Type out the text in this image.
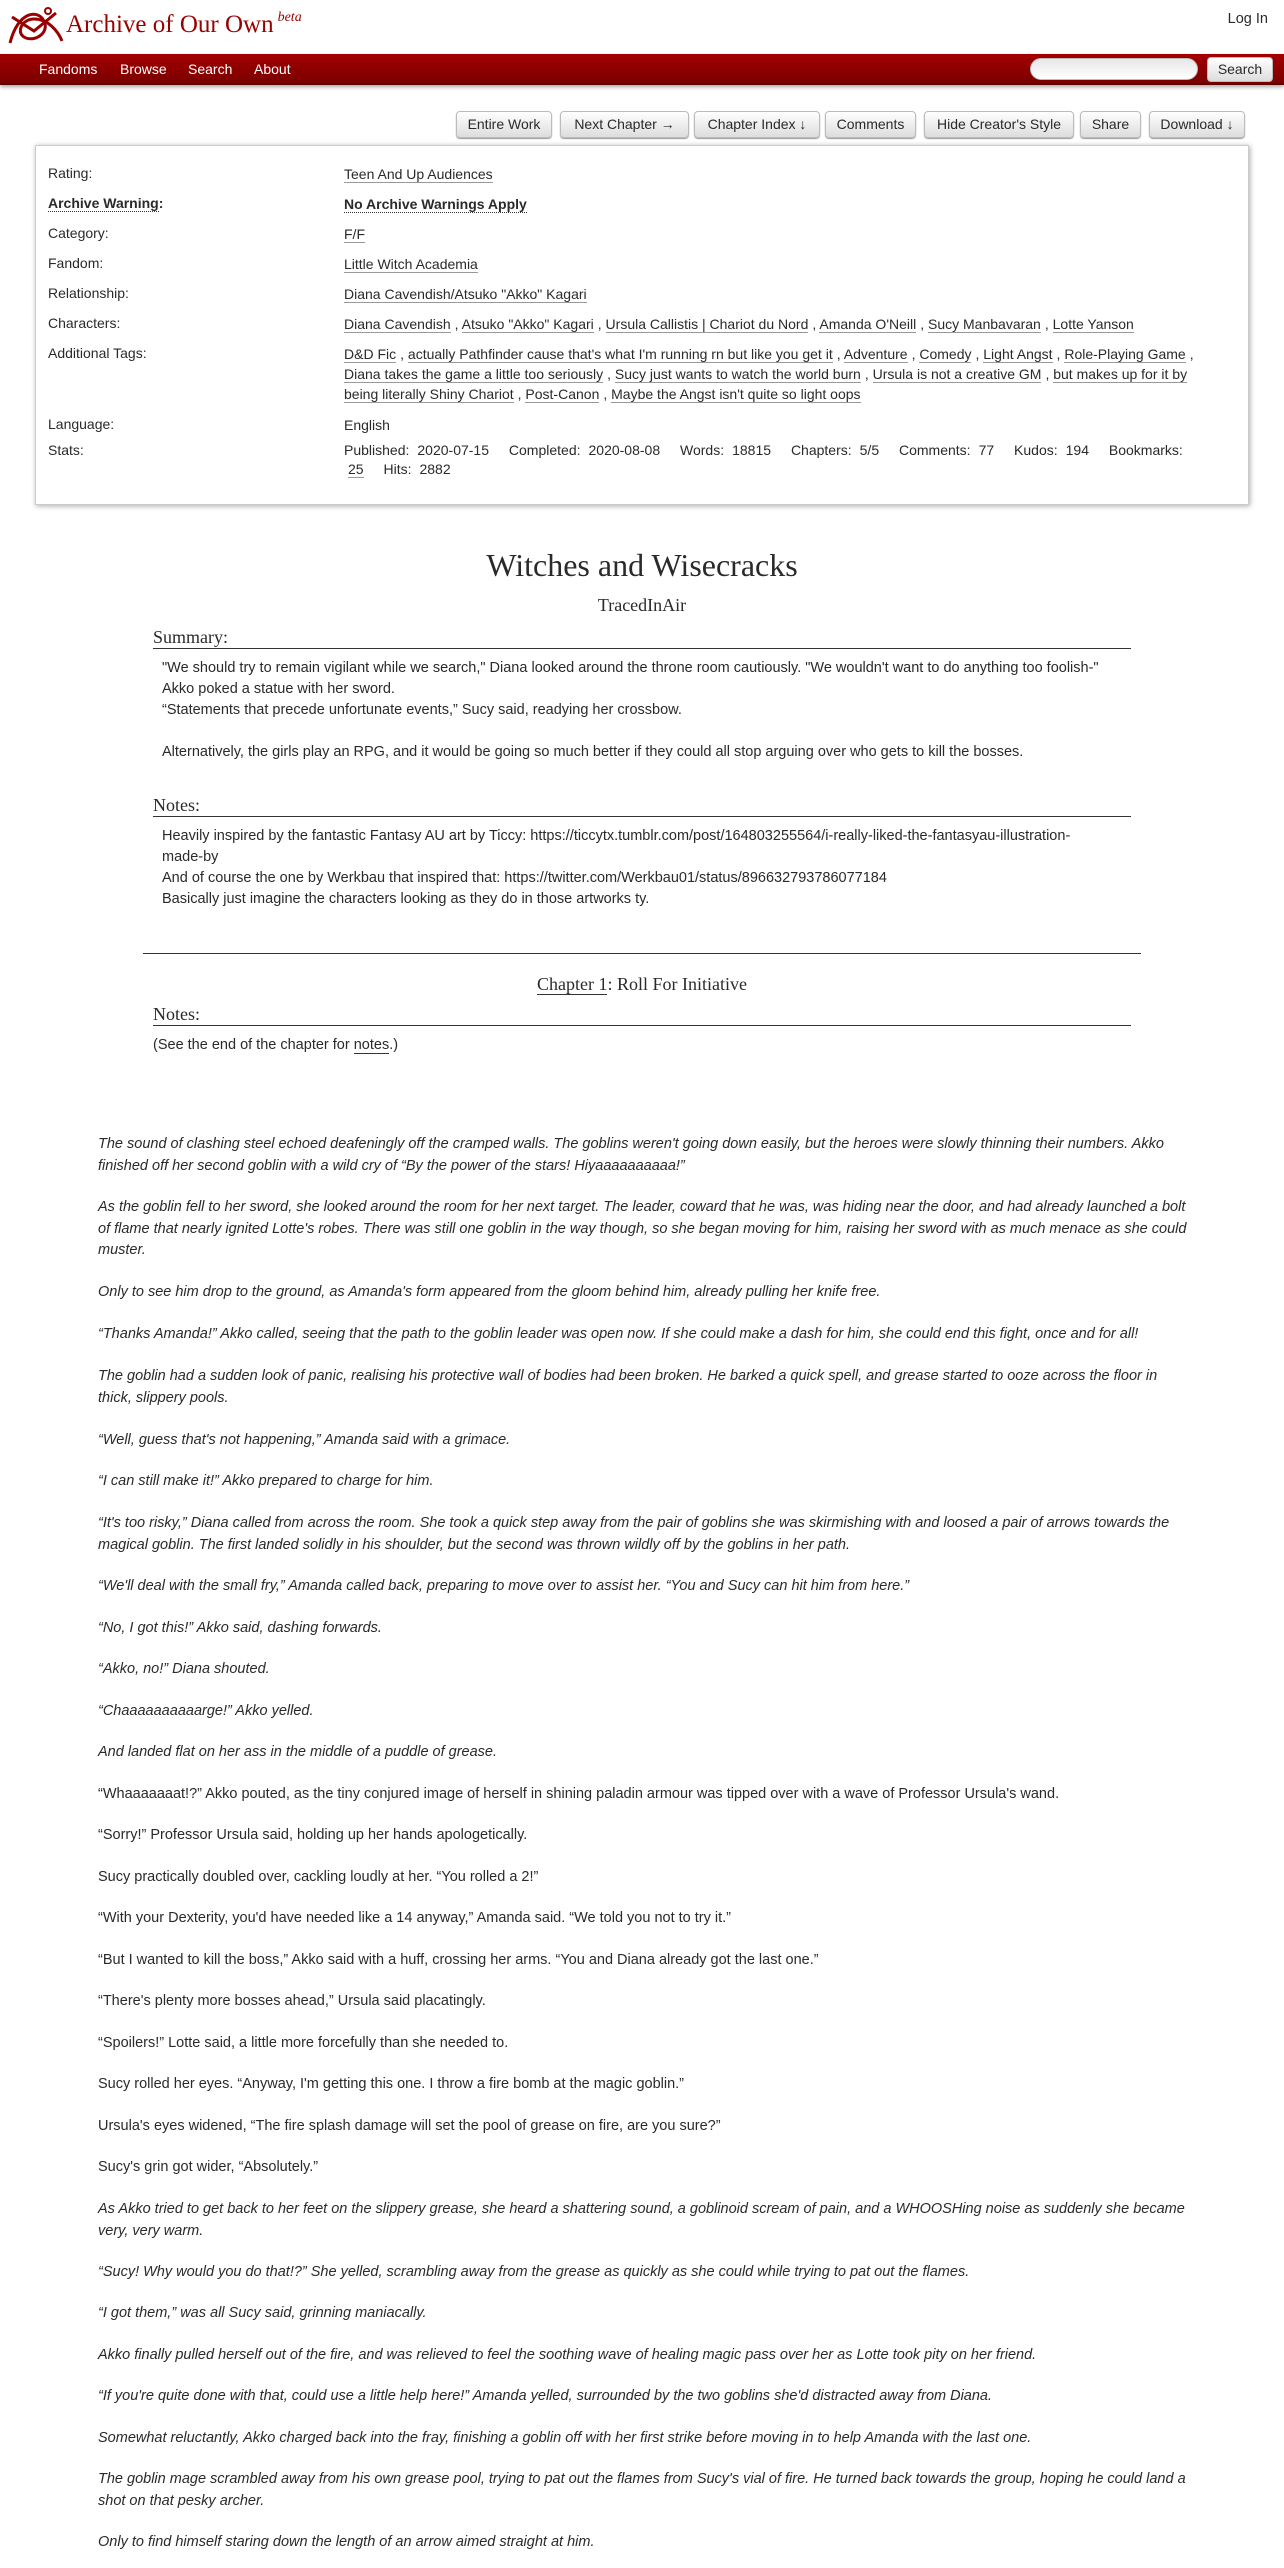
Archive of Our Own $^{beta}$	Log In
Fandoms Browse Search About	Search
Entire Work	Next Chapter →	Chapter Index ↓	Comments	Hide Creator's Style	Share	Download ↓
Rating:	Teen And Up Audiences
Archive Warning:	No Archive Warnings Apply
Category:	F/F
Fandom:	Little Witch Academia
Relationship:	Diana Cavendish/Atsuko "Akko" Kagari
Characters:	Diana Cavendish , Atsuko "Akko" Kagari , Ursula Callistis | Chariot du Nord , Amanda O'Neill , Sucy Manbavaran , Lotte Yanson
Additional Tags:	D&D Fic , actually Pathfinder cause that's what I'm running rn but like you get it , Adventure , Comedy , Light Angst , Role-Playing Game , Diana takes the game a little too seriously , Sucy just wants to watch the world burn , Ursula is not a creative GM , but makes up for it by being literally Shiny Chariot , Post-Canon , Maybe the Angst isn't quite so light oops
Language:	English
Stats:	Published: 2020-07-15 Completed: 2020-08-08 Words: 18815 Chapters: 5/5 Comments: 77 Kudos: 194 Bookmarks:
25 Hits: 2882
Witches and Wisecracks
TracedInAir
Summary:
"We should try to remain vigilant while we search," Diana looked around the throne room cautiously. "We wouldn't want to do anything too foolish-"
Akko poked a statue with her sword.
“Statements that precede unfortunate events,” Sucy said, readying her crossbow.
Alternatively, the girls play an RPG, and it would be going so much better if they could all stop arguing over who gets to kill the bosses.
Notes:
Heavily inspired by the fantastic Fantasy AU art by Ticcy: https://ticcytx.tumblr.com/post/164803255564/i-really-liked-the-fantasyau-illustration-made-by
And of course the one by Werkbau that inspired that: https://twitter.com/Werkbau01/status/896632793786077184
Basically just imagine the characters looking as they do in those artworks ty.
Chapter 1: Roll For Initiative
Notes:
(See the end of the chapter for notes.)

The sound of clashing steel echoed deafeningly off the cramped walls. The goblins weren't going down easily, but the heroes were slowly thinning their numbers. Akko finished off her second goblin with a wild cry of “By the power of the stars! Hiyaaaaaaaaaa!”

As the goblin fell to her sword, she looked around the room for her next target. The leader, coward that he was, was hiding near the door, and had already launched a bolt of flame that nearly ignited Lotte's robes. There was still one goblin in the way though, so she began moving for him, raising her sword with as much menace as she could muster.

Only to see him drop to the ground, as Amanda's form appeared from the gloom behind him, already pulling her knife free.

“Thanks Amanda!” Akko called, seeing that the path to the goblin leader was open now. If she could make a dash for him, she could end this fight, once and for all!

The goblin had a sudden look of panic, realising his protective wall of bodies had been broken. He barked a quick spell, and grease started to ooze across the floor in thick, slippery pools.

“Well, guess that's not happening,” Amanda said with a grimace.

“I can still make it!” Akko prepared to charge for him.

“It's too risky,” Diana called from across the room. She took a quick step away from the pair of goblins she was skirmishing with and loosed a pair of arrows towards the magical goblin. The first landed solidly in his shoulder, but the second was thrown wildly off by the goblins in her path.

“We'll deal with the small fry,” Amanda called back, preparing to move over to assist her. “You and Sucy can hit him from here.”

“No, I got this!” Akko said, dashing forwards.

“Akko, no!” Diana shouted.

“Chaaaaaaaaaarge!” Akko yelled.

And landed flat on her ass in the middle of a puddle of grease.

“Whaaaaaaat!?” Akko pouted, as the tiny conjured image of herself in shining paladin armour was tipped over with a wave of Professor Ursula's wand.

“Sorry!” Professor Ursula said, holding up her hands apologetically.

Sucy practically doubled over, cackling loudly at her. “You rolled a 2!”

“With your Dexterity, you'd have needed like a 14 anyway,” Amanda said. “We told you not to try it.”

“But I wanted to kill the boss,” Akko said with a huff, crossing her arms. “You and Diana already got the last one.”

“There's plenty more bosses ahead,” Ursula said placatingly.

“Spoilers!” Lotte said, a little more forcefully than she needed to.

Sucy rolled her eyes. “Anyway, I'm getting this one. I throw a fire bomb at the magic goblin.”

Ursula's eyes widened, “The fire splash damage will set the pool of grease on fire, are you sure?”

Sucy's grin got wider, “Absolutely.”

As Akko tried to get back to her feet on the slippery grease, she heard a shattering sound, a goblinoid scream of pain, and a WHOOSHing noise as suddenly she became very, very warm.

“Sucy! Why would you do that!?” She yelled, scrambling away from the grease as quickly as she could while trying to pat out the flames.

“I got them,” was all Sucy said, grinning maniacally.

Akko finally pulled herself out of the fire, and was relieved to feel the soothing wave of healing magic pass over her as Lotte took pity on her friend.

“If you're quite done with that, could use a little help here!” Amanda yelled, surrounded by the two goblins she'd distracted away from Diana.

Somewhat reluctantly, Akko charged back into the fray, finishing a goblin off with her first strike before moving in to help Amanda with the last one.

The goblin mage scrambled away from his own grease pool, trying to pat out the flames from Sucy's vial of fire. He turned back towards the group, hoping he could land a shot on that pesky archer.

Only to find himself staring down the length of an arrow aimed straight at him.
